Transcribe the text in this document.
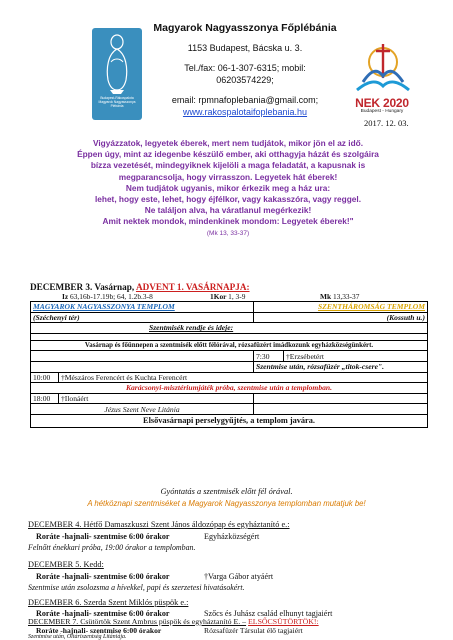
Budapest-Rákospalota Magyarok Nagyasszonya Plébánia
Magyarok Nagyasszonya Főplébánia
1153 Budapest, Bácska u. 3.
Tel./fax: 06-1-307-6315; mobil:
06203574229;
email: rpmnafoplebania@gmail.com;
www.rakospalotaifoplebania.hu
NEK 2020
Budapest - Hungary
2017. 12. 03.
Vigyázzatok, legyetek éberek, mert nem tudjátok, mikor jön el az idő.
Éppen úgy, mint az idegenbe készülő ember, aki otthagyja házát és szolgáira
bízza vezetését, mindegyiknek kijelöli a maga feladatát, a kapusnak is
megparancsolja, hogy virrasszon. Legyetek hát éberek!
Nem tudjátok ugyanis, mikor érkezik meg a ház ura:
lehet, hogy este, lehet, hogy éjfélkor, vagy kakasszóra, vagy reggel.
Ne találjon alva, ha váratlanul megérkezik!
Amit nektek mondok, mindenkinek mondom: Legyetek éberek!"
(Mk 13, 33-37)
DECEMBER 3. Vasárnap, ADVENT 1. VASÁRNAPJA:
Iz 63,16b-17.19b; 64, 1.2b.3-8	1Kor 1, 3-9	Mk 13,33-37
MAGYAROK NAGYASSZONYA TEMPLOM		SZENTHÁROMSÁG TEMPLOM	
(Széchenyi tér)		(Kossuth u.)	
Szentmisék rendje és ideje:			

Vasárnap és főünnepen a szentmisék előtt félórával, rózsafüzért imádkozunk egyházközségünkért.			
		7:30	†Erzsébetért
		Szentmise után, rózsafüzér „titok-csere".	
10:00	†Mészáros Ferencért és Kuchta Ferencért		
Karácsonyi-misztériumjáték próba, szentmise után a templomban.			
18:00	†Ilonáért		
Jézus Szent Neve Litánia			
Elsővasárnapi perselygyűjtés, a templom javára.			
Gyóntatás a szentmisék előtt fél órával.
A hétköznapi szentmiséket a Magyarok Nagyasszonya templomban mutatjuk be!
DECEMBER 4. Hétfő Damaszkuszi Szent János áldozópap és egyháztanító e.:
Roráte -hajnali- szentmise 6:00 órakor	Egyházközségért
Felnőtt énekkari próba, 19:00 órakor a templomban.
DECEMBER 5. Kedd:
Roráte -hajnali- szentmise 6:00 órakor	†Varga Gábor atyáért
Szentmise után zsolozsma a hívekkel, papi és szerzetesi hivatásokért.
DECEMBER 6. Szerda Szent Miklós püspök e.:
Roráte -hajnali- szentmise 6:00 órakor	Szőcs és Juhász család elhunyt tagjaiért
DECEMBER 7. Csütörtök Szent Ambrus püspök és egyháztanító E. – ELSŐCSÜTÖRTÖK!:
Roráte -hajnali- szentmise 6:00 órakor	Rózsafüzér Társulat élő tagjaiért
Szentmise után, Oltáriszentség Litániája.
